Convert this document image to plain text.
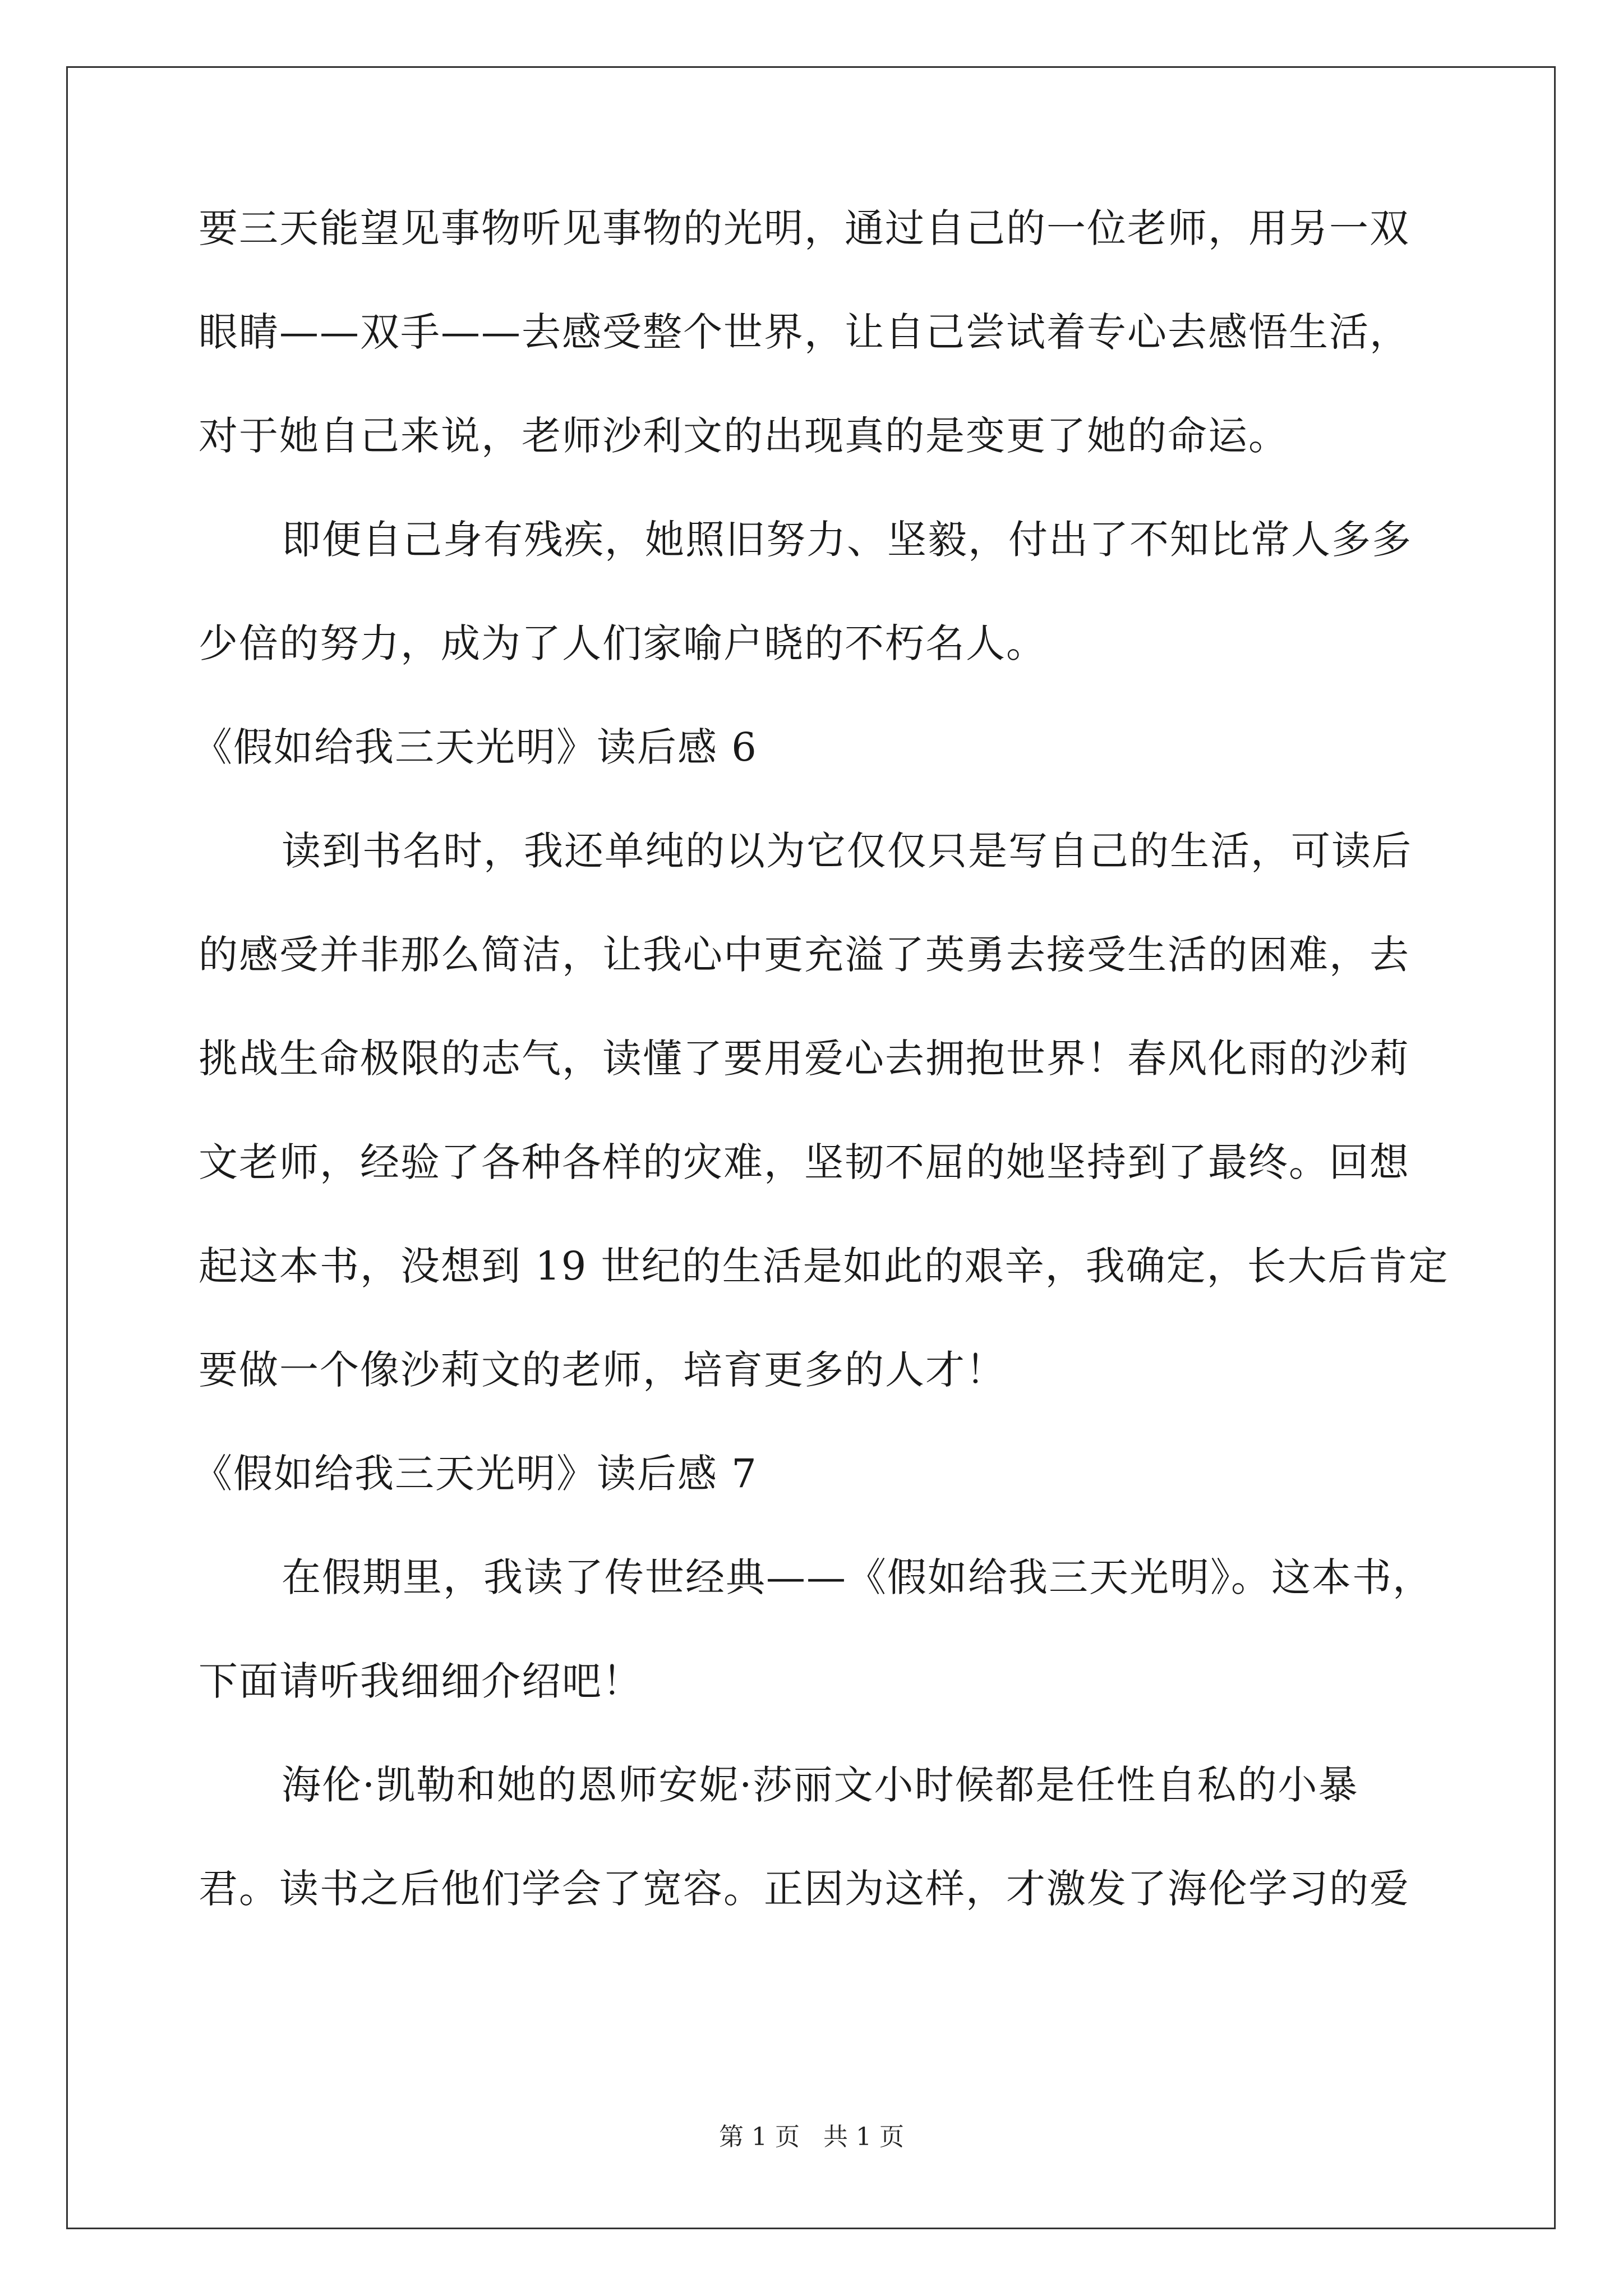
要三天能望见事物听见事物的光明，通过自己的一位老师，用另一双
眼睛——双手——去感受整个世界，让自己尝试着专心去感悟生活，
对于她自己来说，老师沙利文的出现真的是变更了她的命运。
即便自己身有残疾，她照旧努力、坚毅，付出了不知比常人多多
少倍的努力，成为了人们家喻户晓的不朽名人。
《假如给我三天光明》读后感 6
读到书名时，我还单纯的以为它仅仅只是写自己的生活，可读后
的感受并非那么简洁，让我心中更充溢了英勇去接受生活的困难，去
挑战生命极限的志气，读懂了要用爱心去拥抱世界！春风化雨的沙莉
文老师，经验了各种各样的灾难，坚韧不屈的她坚持到了最终。回想
起这本书，没想到 19 世纪的生活是如此的艰辛，我确定，长大后肯定
要做一个像沙莉文的老师，培育更多的人才！
《假如给我三天光明》读后感 7
在假期里，我读了传世经典——《假如给我三天光明》。这本书，
下面请听我细细介绍吧！
海伦·凯勒和她的恩师安妮·莎丽文小时候都是任性自私的小暴
君。读书之后他们学会了宽容。正因为这样，才激发了海伦学习的爱
第 1 页   共 1 页
